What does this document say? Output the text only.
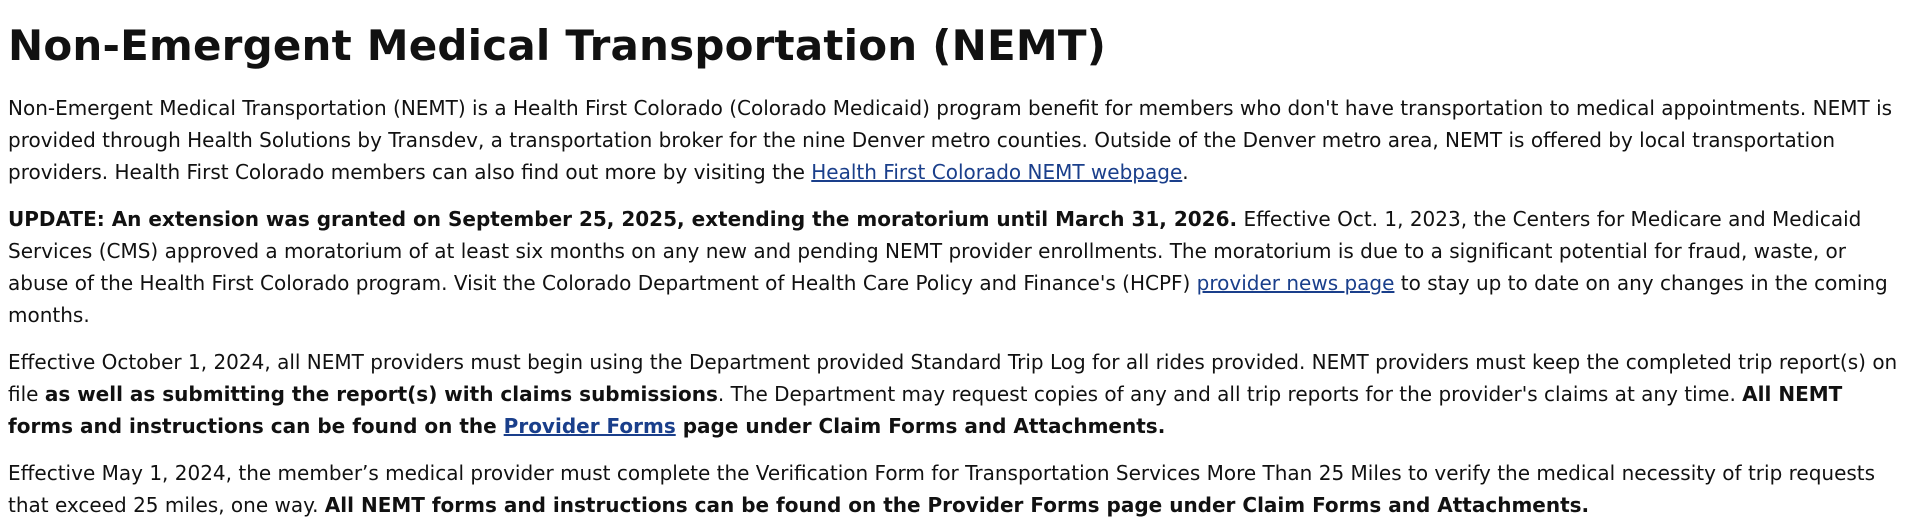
Non-Emergent Medical Transportation (NEMT)

Non-Emergent Medical Transportation (NEMT) is a Health First Colorado (Colorado Medicaid) program benefit for members who don't have transportation to medical appointments. NEMT is provided through Health Solutions by Transdev, a transportation broker for the nine Denver metro counties. Outside of the Denver metro area, NEMT is offered by local transportation providers. Health First Colorado members can also find out more by visiting the Health First Colorado NEMT webpage.

UPDATE: An extension was granted on September 25, 2025, extending the moratorium until March 31, 2026. Effective Oct. 1, 2023, the Centers for Medicare and Medicaid Services (CMS) approved a moratorium of at least six months on any new and pending NEMT provider enrollments. The moratorium is due to a significant potential for fraud, waste, or abuse of the Health First Colorado program. Visit the Colorado Department of Health Care Policy and Finance's (HCPF) provider news page to stay up to date on any changes in the coming months.

Effective October 1, 2024, all NEMT providers must begin using the Department provided Standard Trip Log for all rides provided. NEMT providers must keep the completed trip report(s) on file as well as submitting the report(s) with claims submissions. The Department may request copies of any and all trip reports for the provider's claims at any time. All NEMT forms and instructions can be found on the Provider Forms page under Claim Forms and Attachments.

Effective May 1, 2024, the member’s medical provider must complete the Verification Form for Transportation Services More Than 25 Miles to verify the medical necessity of trip requests that exceed 25 miles, one way. All NEMT forms and instructions can be found on the Provider Forms page under Claim Forms and Attachments.
